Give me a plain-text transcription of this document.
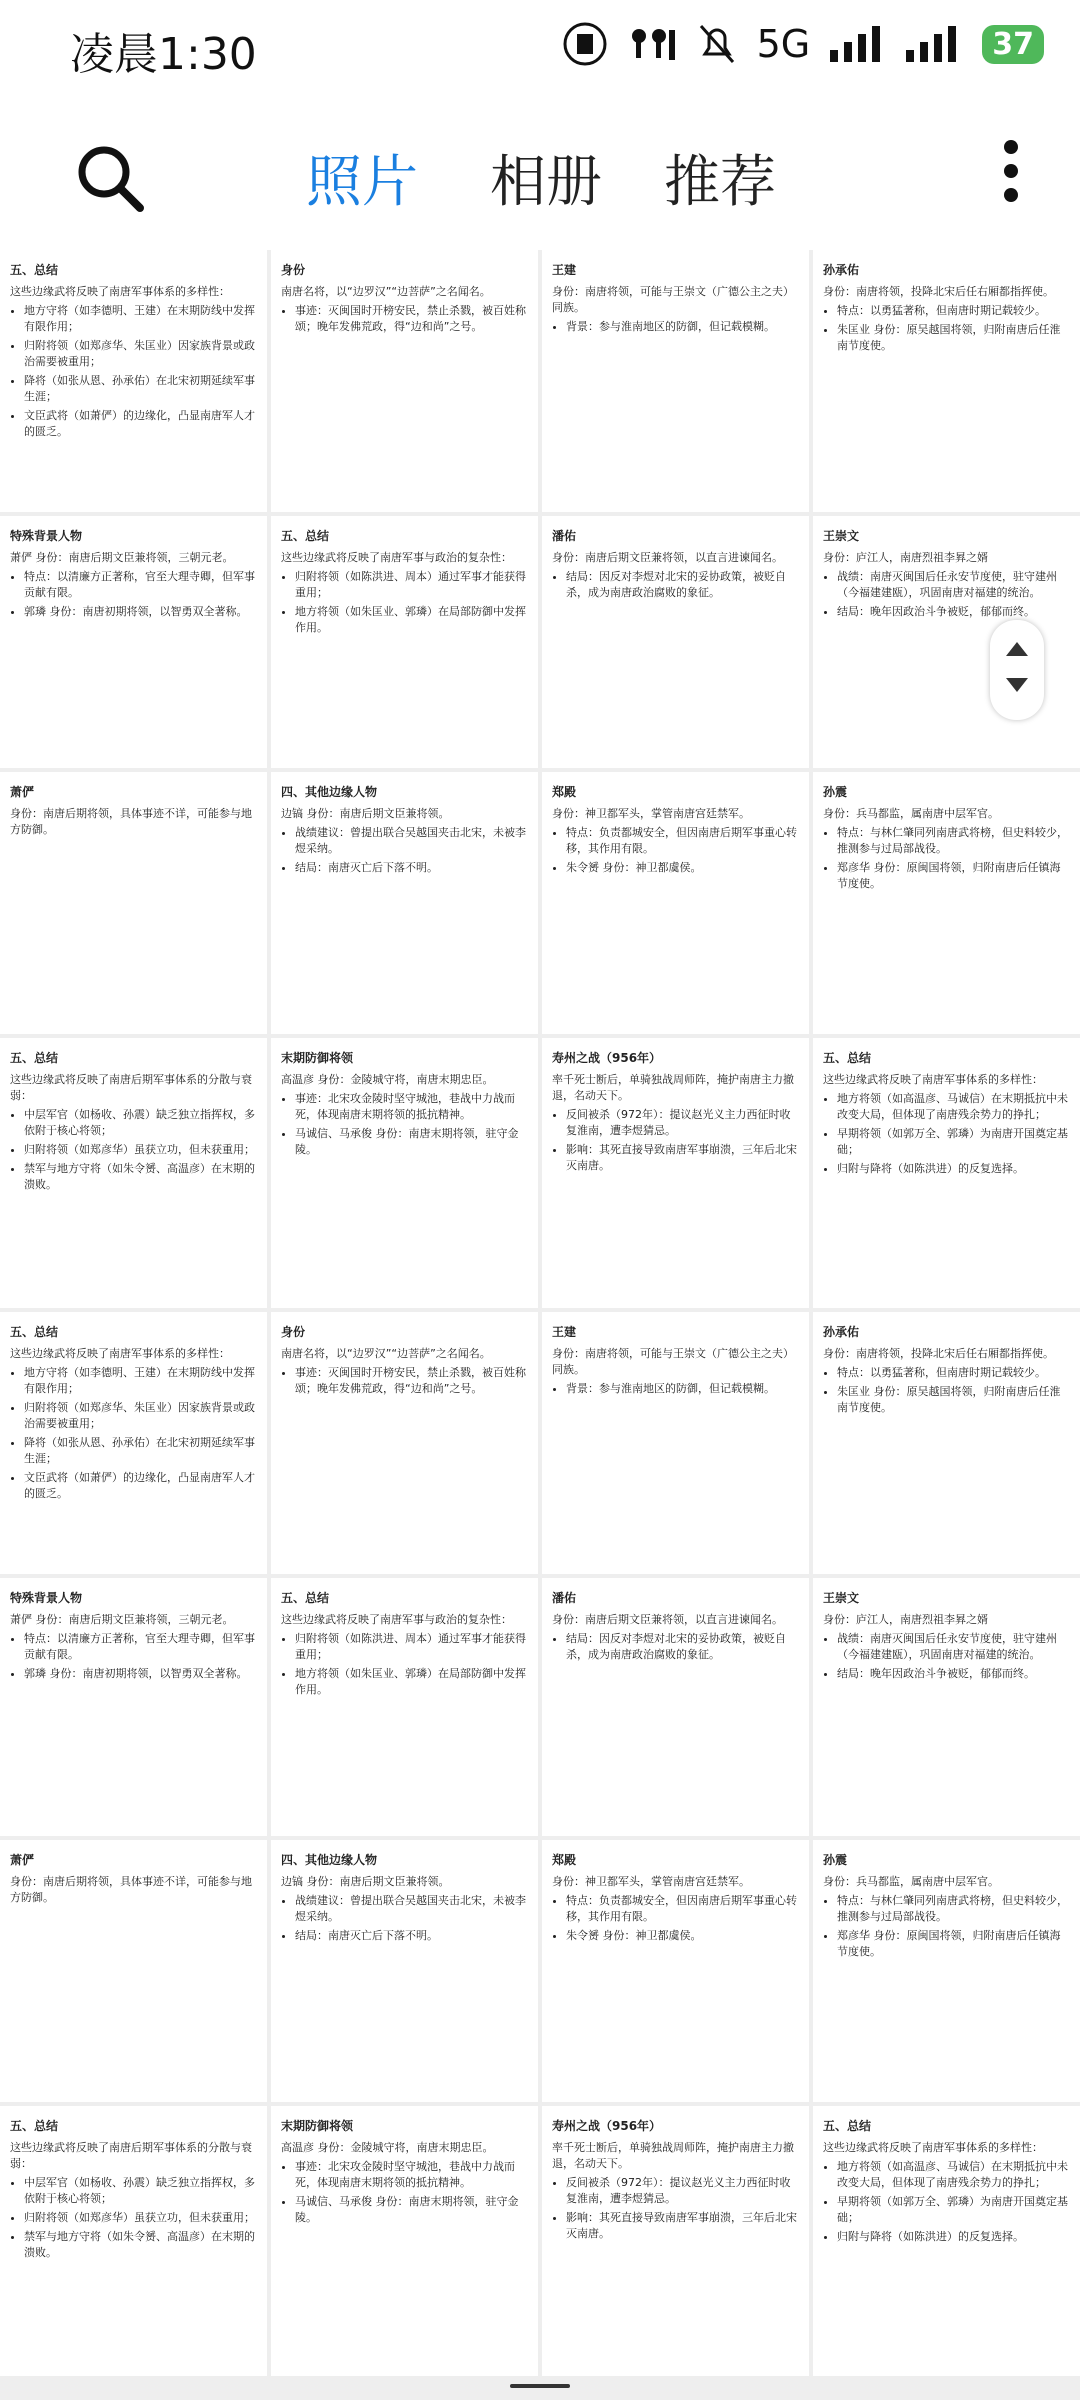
凌晨1:30	5G	37
照片 相册 推荐
五、总结

这些边缘武将反映了南唐军事体系的多样性：

• 地方守将（如李德明、王建）在末期防线中发挥有限作用；
• 归附将领（如郑彦华、朱匡业）因家族背景或政治需要被重用；
• 降将（如张从恩、孙承佑）在北宋初期延续军事生涯；
• 文臣武将（如萧俨）的边缘化，凸显南唐军人才的匮乏。
身份

南唐名将，以“边罗汉”“边菩萨”之名闻名。

• 事迹：灭闽国时开榜安民，禁止杀戮，被百姓称颂；晚年发佛荒政，得“边和尚”之号。
王建

身份：南唐将领，可能与王崇文（广德公主之夫）同族。

• 背景：参与淮南地区的防御，但记载模糊。
孙承佑

身份：南唐将领，投降北宋后任右厢都指挥使。

• 特点：以勇猛著称，但南唐时期记载较少。
• 朱匡业 身份：原吴越国将领，归附南唐后任淮南节度使。
特殊背景人物

萧俨 身份：南唐后期文臣兼将领，三朝元老。

• 特点：以清廉方正著称，官至大理寺卿，但军事贡献有限。
• 郭璘 身份：南唐初期将领，以智勇双全著称。
五、总结

这些边缘武将反映了南唐军事与政治的复杂性：

• 归附将领（如陈洪进、周本）通过军事才能获得重用；
• 地方将领（如朱匡业、郭璘）在局部防御中发挥作用。
潘佑

身份：南唐后期文臣兼将领，以直言进谏闻名。

• 结局：因反对李煜对北宋的妥协政策，被贬自杀，成为南唐政治腐败的象征。
王崇文

身份：庐江人，南唐烈祖李昪之婿

• 战绩：南唐灭闽国后任永安节度使，驻守建州（今福建建瓯），巩固南唐对福建的统治。
• 结局：晚年因政治斗争被贬，郁郁而终。
萧俨

身份：南唐后期将领，具体事迹不详，可能参与地方防御。

四、其他边缘人物

边镐 身份：南唐后期文臣兼将领。

• 战绩建议：曾提出联合吴越国夹击北宋，未被李煜采纳。
• 结局：南唐灭亡后下落不明。
郑殿

身份：神卫都军头，掌管南唐宫廷禁军。

• 特点：负责都城安全，但因南唐后期军事重心转移，其作用有限。
• 朱令赟 身份：神卫都虞侯。
孙震

身份：兵马都监，属南唐中层军官。

• 特点：与林仁肇同列南唐武将榜，但史料较少，推测参与过局部战役。
• 郑彦华 身份：原闽国将领，归附南唐后任镇海节度使。
五、总结

这些边缘武将反映了南唐后期军事体系的分散与衰弱：

• 中层军官（如杨收、孙震）缺乏独立指挥权，多依附于核心将领；
• 归附将领（如郑彦华）虽获立功，但未获重用；
• 禁军与地方守将（如朱令赟、高温彦）在末期的溃败。
末期防御将领

高温彦 身份：金陵城守将，南唐末期忠臣。

• 事迹：北宋攻金陵时坚守城池，巷战中力战而死，体现南唐末期将领的抵抗精神。
• 马诚信、马承俊 身份：南唐末期将领，驻守金陵。
寿州之战（956年）

率千死士断后，单骑独战周师阵，掩护南唐主力撤退，名动天下。

• 反间被杀（972年）：提议赵光义主力西征时收复淮南，遭李煜猜忌。
• 影响：其死直接导致南唐军事崩溃，三年后北宋灭南唐。
五、总结

这些边缘武将反映了南唐军事体系的多样性：

• 地方将领（如高温彦、马诚信）在末期抵抗中未改变大局，但体现了南唐残余势力的挣扎；
• 早期将领（如郭万全、郭璘）为南唐开国奠定基础；
• 归附与降将（如陈洪进）的反复选择。
五、总结

这些边缘武将反映了南唐军事体系的多样性：

• 地方守将（如李德明、王建）在末期防线中发挥有限作用；
• 归附将领（如郑彦华、朱匡业）因家族背景或政治需要被重用；
• 降将（如张从恩、孙承佑）在北宋初期延续军事生涯；
• 文臣武将（如萧俨）的边缘化，凸显南唐军人才的匮乏。
身份

南唐名将，以“边罗汉”“边菩萨”之名闻名。

• 事迹：灭闽国时开榜安民，禁止杀戮，被百姓称颂；晚年发佛荒政，得“边和尚”之号。
王建

身份：南唐将领，可能与王崇文（广德公主之夫）同族。

• 背景：参与淮南地区的防御，但记载模糊。
孙承佑

身份：南唐将领，投降北宋后任右厢都指挥使。

• 特点：以勇猛著称，但南唐时期记载较少。
• 朱匡业 身份：原吴越国将领，归附南唐后任淮南节度使。
特殊背景人物

萧俨 身份：南唐后期文臣兼将领，三朝元老。

• 特点：以清廉方正著称，官至大理寺卿，但军事贡献有限。
• 郭璘 身份：南唐初期将领，以智勇双全著称。
五、总结

这些边缘武将反映了南唐军事与政治的复杂性：

• 归附将领（如陈洪进、周本）通过军事才能获得重用；
• 地方将领（如朱匡业、郭璘）在局部防御中发挥作用。
潘佑

身份：南唐后期文臣兼将领，以直言进谏闻名。

• 结局：因反对李煜对北宋的妥协政策，被贬自杀，成为南唐政治腐败的象征。
王崇文

身份：庐江人，南唐烈祖李昪之婿

• 战绩：南唐灭闽国后任永安节度使，驻守建州（今福建建瓯），巩固南唐对福建的统治。
• 结局：晚年因政治斗争被贬，郁郁而终。
萧俨

身份：南唐后期将领，具体事迹不详，可能参与地方防御。

四、其他边缘人物

边镐 身份：南唐后期文臣兼将领。

• 战绩建议：曾提出联合吴越国夹击北宋，未被李煜采纳。
• 结局：南唐灭亡后下落不明。
郑殿

身份：神卫都军头，掌管南唐宫廷禁军。

• 特点：负责都城安全，但因南唐后期军事重心转移，其作用有限。
• 朱令赟 身份：神卫都虞侯。
孙震

身份：兵马都监，属南唐中层军官。

• 特点：与林仁肇同列南唐武将榜，但史料较少，推测参与过局部战役。
• 郑彦华 身份：原闽国将领，归附南唐后任镇海节度使。
五、总结

这些边缘武将反映了南唐后期军事体系的分散与衰弱：

• 中层军官（如杨收、孙震）缺乏独立指挥权，多依附于核心将领；
• 归附将领（如郑彦华）虽获立功，但未获重用；
• 禁军与地方守将（如朱令赟、高温彦）在末期的溃败。
末期防御将领

高温彦 身份：金陵城守将，南唐末期忠臣。

• 事迹：北宋攻金陵时坚守城池，巷战中力战而死，体现南唐末期将领的抵抗精神。
• 马诚信、马承俊 身份：南唐末期将领，驻守金陵。
寿州之战（956年）

率千死士断后，单骑独战周师阵，掩护南唐主力撤退，名动天下。

• 反间被杀（972年）：提议赵光义主力西征时收复淮南，遭李煜猜忌。
• 影响：其死直接导致南唐军事崩溃，三年后北宋灭南唐。
五、总结

这些边缘武将反映了南唐军事体系的多样性：

• 地方将领（如高温彦、马诚信）在末期抵抗中未改变大局，但体现了南唐残余势力的挣扎；
• 早期将领（如郭万全、郭璘）为南唐开国奠定基础；
• 归附与降将（如陈洪进）的反复选择。
